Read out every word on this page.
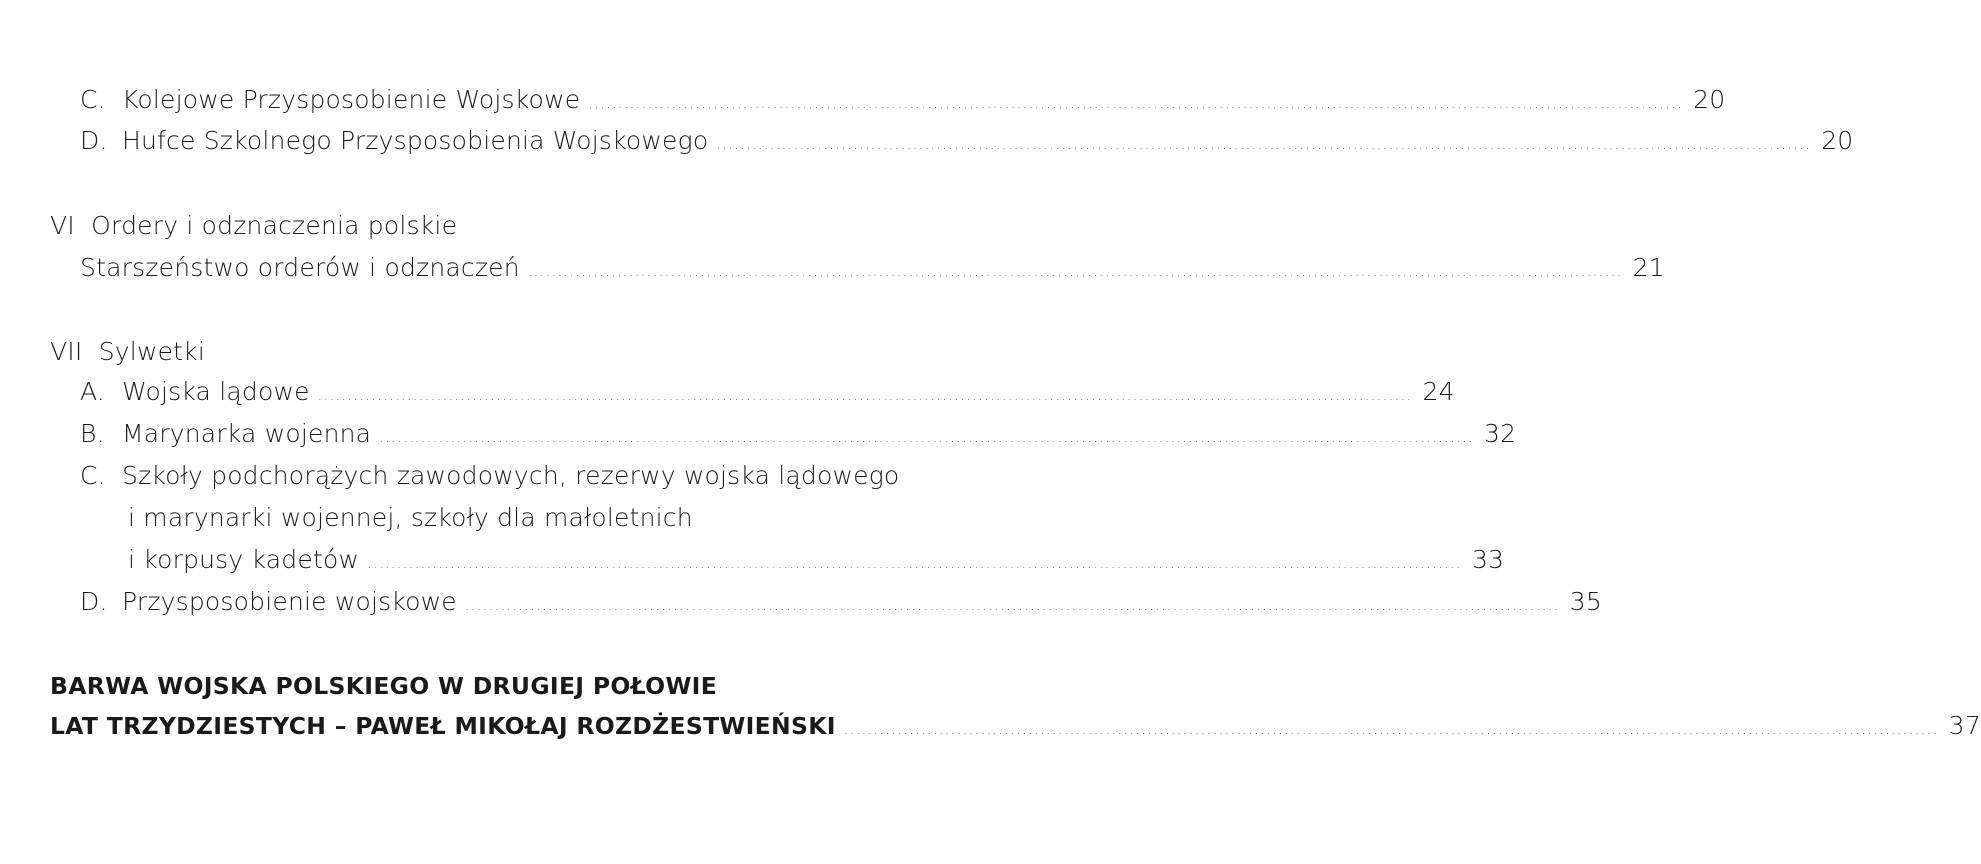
C. Kolejowe Przysposobienie Wojskowe ........................................................................................................................................................................................ 20
D. Hufce Szkolnego Przysposobienia Wojskowego ........................................................................................................................................................................................ 20
VI  Ordery i odznaczenia polskie
Starszeństwo orderów i odznaczeń ........................................................................................................................................................................................ 21
VII  Sylwetki
A. Wojska lądowe ........................................................................................................................................................................................ 24
B. Marynarka wojenna ........................................................................................................................................................................................ 32
C. Szkoły podchorążych zawodowych, rezerwy wojska lądowego
i marynarki wojennej, szkoły dla małoletnich
i korpusy kadetów ........................................................................................................................................................................................ 33
D. Przysposobienie wojskowe ........................................................................................................................................................................................ 35
BARWA WOJSKA POLSKIEGO W DRUGIEJ POŁOWIE
LAT TRZYDZIESTYCH – PAWEŁ MIKOŁAJ ROZDŻESTWIEŃSKI ........................................................................................................................................................................................ 37
